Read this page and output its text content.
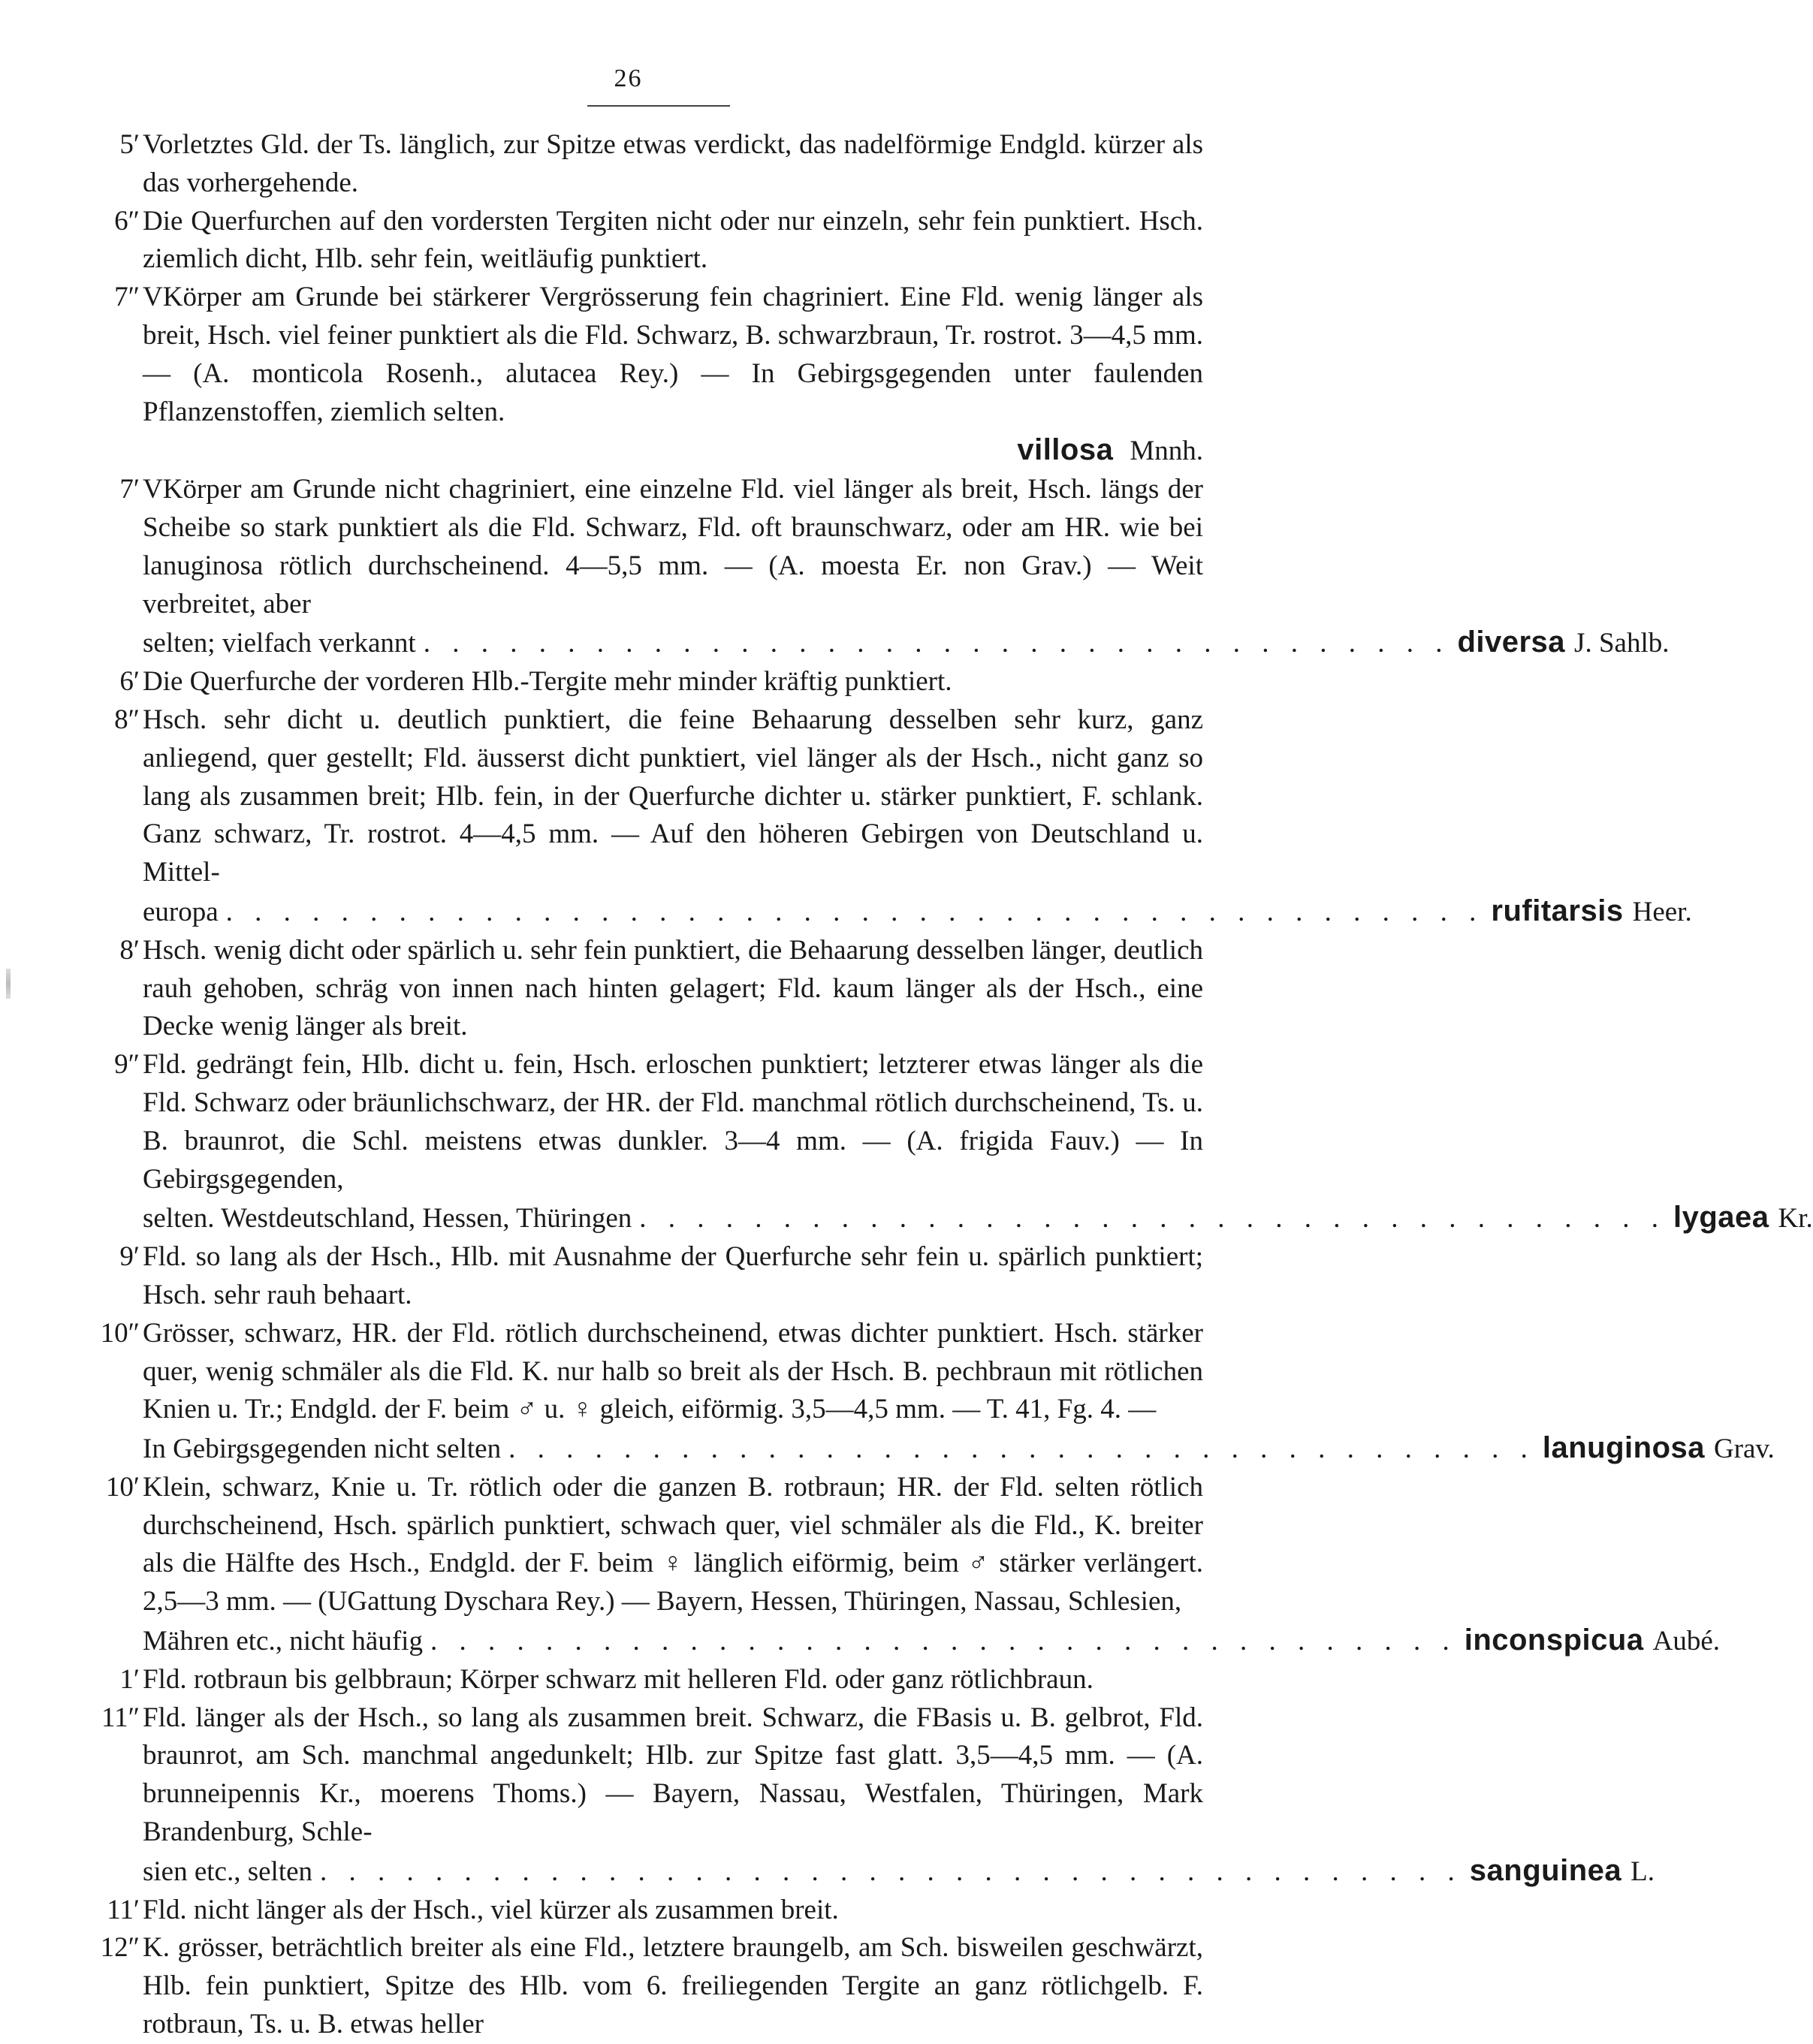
26
5′ Vorletztes Gld. der Ts. länglich, zur Spitze etwas verdickt, das nadelförmige Endgld. kürzer als das vorhergehende.
6″ Die Querfurchen auf den vordersten Tergiten nicht oder nur einzeln, sehr fein punktiert. Hsch. ziemlich dicht, Hlb. sehr fein, weitläufig punktiert.
7″ VKörper am Grunde bei stärkerer Vergrösserung fein chagriniert. Eine Fld. wenig länger als breit, Hsch. viel feiner punktiert als die Fld. Schwarz, B. schwarzbraun, Tr. rostrot. 3—4,5 mm. — (A. monticola Rosenh., alutacea Rey.) — In Gebirgsgegenden unter faulenden Pflanzenstoffen, ziemlich selten.
villosa Mnnh.
7′ VKörper am Grunde nicht chagriniert, eine einzelne Fld. viel länger als breit, Hsch. längs der Scheibe so stark punktiert als die Fld. Schwarz, Fld. oft braunschwarz, oder am HR. wie bei lanuginosa rötlich durchscheinend. 4—5,5 mm. — (A. moesta Er. non Grav.) — Weit verbreitet, aber
selten; vielfach verkannt . . . . . . . . . . . . . . . . . . . . . . . . . . . . . . . . . . . . diversa J. Sahlb.
6′ Die Querfurche der vorderen Hlb.-Tergite mehr minder kräftig punktiert.
8″ Hsch. sehr dicht u. deutlich punktiert, die feine Behaarung desselben sehr kurz, ganz anliegend, quer gestellt; Fld. äusserst dicht punktiert, viel länger als der Hsch., nicht ganz so lang als zusammen breit; Hlb. fein, in der Querfurche dichter u. stärker punktiert, F. schlank. Ganz schwarz, Tr. rostrot. 4—4,5 mm. — Auf den höheren Gebirgen von Deutschland u. Mittel-
europa . . . . . . . . . . . . . . . . . . . . . . . . . . . . . . . . . . . . . . . . . . . . rufitarsis Heer.
8′ Hsch. wenig dicht oder spärlich u. sehr fein punktiert, die Behaarung desselben länger, deutlich rauh gehoben, schräg von innen nach hinten gelagert; Fld. kaum länger als der Hsch., eine Decke wenig länger als breit.
9″ Fld. gedrängt fein, Hlb. dicht u. fein, Hsch. erloschen punktiert; letzterer etwas länger als die Fld. Schwarz oder bräunlichschwarz, der HR. der Fld. manchmal rötlich durchscheinend, Ts. u. B. braunrot, die Schl. meistens etwas dunkler. 3—4 mm. — (A. frigida Fauv.) — In Gebirgsgegenden,
selten. Westdeutschland, Hessen, Thüringen . . . . . . . . . . . . . . . . . . . . . . . . . . . . . . . . . . . . lygaea Kr.
9′ Fld. so lang als der Hsch., Hlb. mit Ausnahme der Querfurche sehr fein u. spärlich punktiert; Hsch. sehr rauh behaart.
10″ Grösser, schwarz, HR. der Fld. rötlich durchscheinend, etwas dichter punktiert. Hsch. stärker quer, wenig schmäler als die Fld. K. nur halb so breit als der Hsch. B. pechbraun mit rötlichen Knien u. Tr.; Endgld. der F. beim ♂ u. ♀ gleich, eiförmig. 3,5—4,5 mm. — T. 41, Fg. 4. —
In Gebirgsgegenden nicht selten . . . . . . . . . . . . . . . . . . . . . . . . . . . . . . . . . . . . lanuginosa Grav.
10′ Klein, schwarz, Knie u. Tr. rötlich oder die ganzen B. rotbraun; HR. der Fld. selten rötlich durchscheinend, Hsch. spärlich punktiert, schwach quer, viel schmäler als die Fld., K. breiter als die Hälfte des Hsch., Endgld. der F. beim ♀ länglich eiförmig, beim ♂ stärker verlängert. 2,5—3 mm. — (UGattung Dyschara Rey.) — Bayern, Hessen, Thüringen, Nassau, Schlesien,
Mähren etc., nicht häufig . . . . . . . . . . . . . . . . . . . . . . . . . . . . . . . . . . . . inconspicua Aubé.
1′ Fld. rotbraun bis gelbbraun; Körper schwarz mit helleren Fld. oder ganz rötlichbraun.
11″ Fld. länger als der Hsch., so lang als zusammen breit. Schwarz, die FBasis u. B. gelbrot, Fld. braunrot, am Sch. manchmal angedunkelt; Hlb. zur Spitze fast glatt. 3,5—4,5 mm. — (A. brunneipennis Kr., moerens Thoms.) — Bayern, Nassau, Westfalen, Thüringen, Mark Brandenburg, Schle-
sien etc., selten . . . . . . . . . . . . . . . . . . . . . . . . . . . . . . . . . . . . . . . . sanguinea L.
11′ Fld. nicht länger als der Hsch., viel kürzer als zusammen breit.
12″ K. grösser, beträchtlich breiter als eine Fld., letztere braungelb, am Sch. bisweilen geschwärzt, Hlb. fein punktiert, Spitze des Hlb. vom 6. freiliegenden Tergite an ganz rötlichgelb. F. rotbraun, Ts. u. B. etwas heller
